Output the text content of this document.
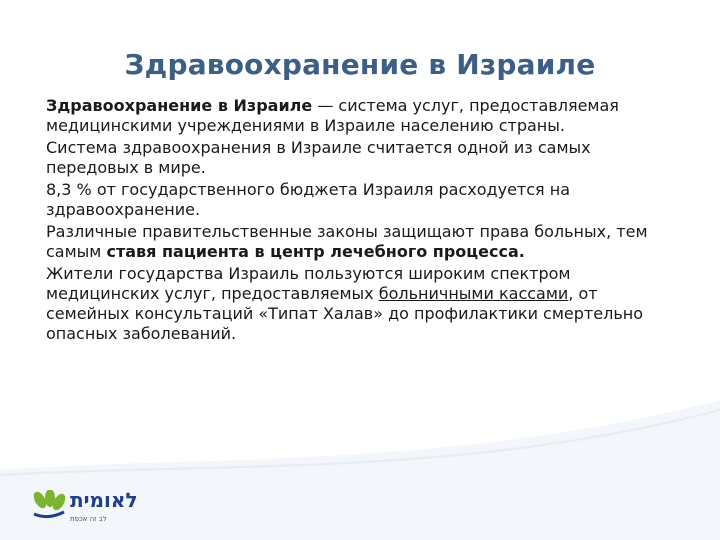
Здравоохранение в Израиле

Здравоохранение в Израиле — система услуг, предоставляемая медицинскими учреждениями в Израиле населению страны.

Система здравоохранения в Израиле считается одной из самых передовых в мире.

8,3 % от государственного бюджета Израиля расходуется на здравоохранение.

Различные правительственные законы защищают права больных, тем самым ставя пациента в центр лечебного процесса.

Жители государства Израиль пользуются широким спектром медицинских услуг, предоставляемых больничными кассами, от семейных консультаций «Типат Халав» до профилактики смертельно опасных заболеваний.

לאומית
לב זה אכפת
